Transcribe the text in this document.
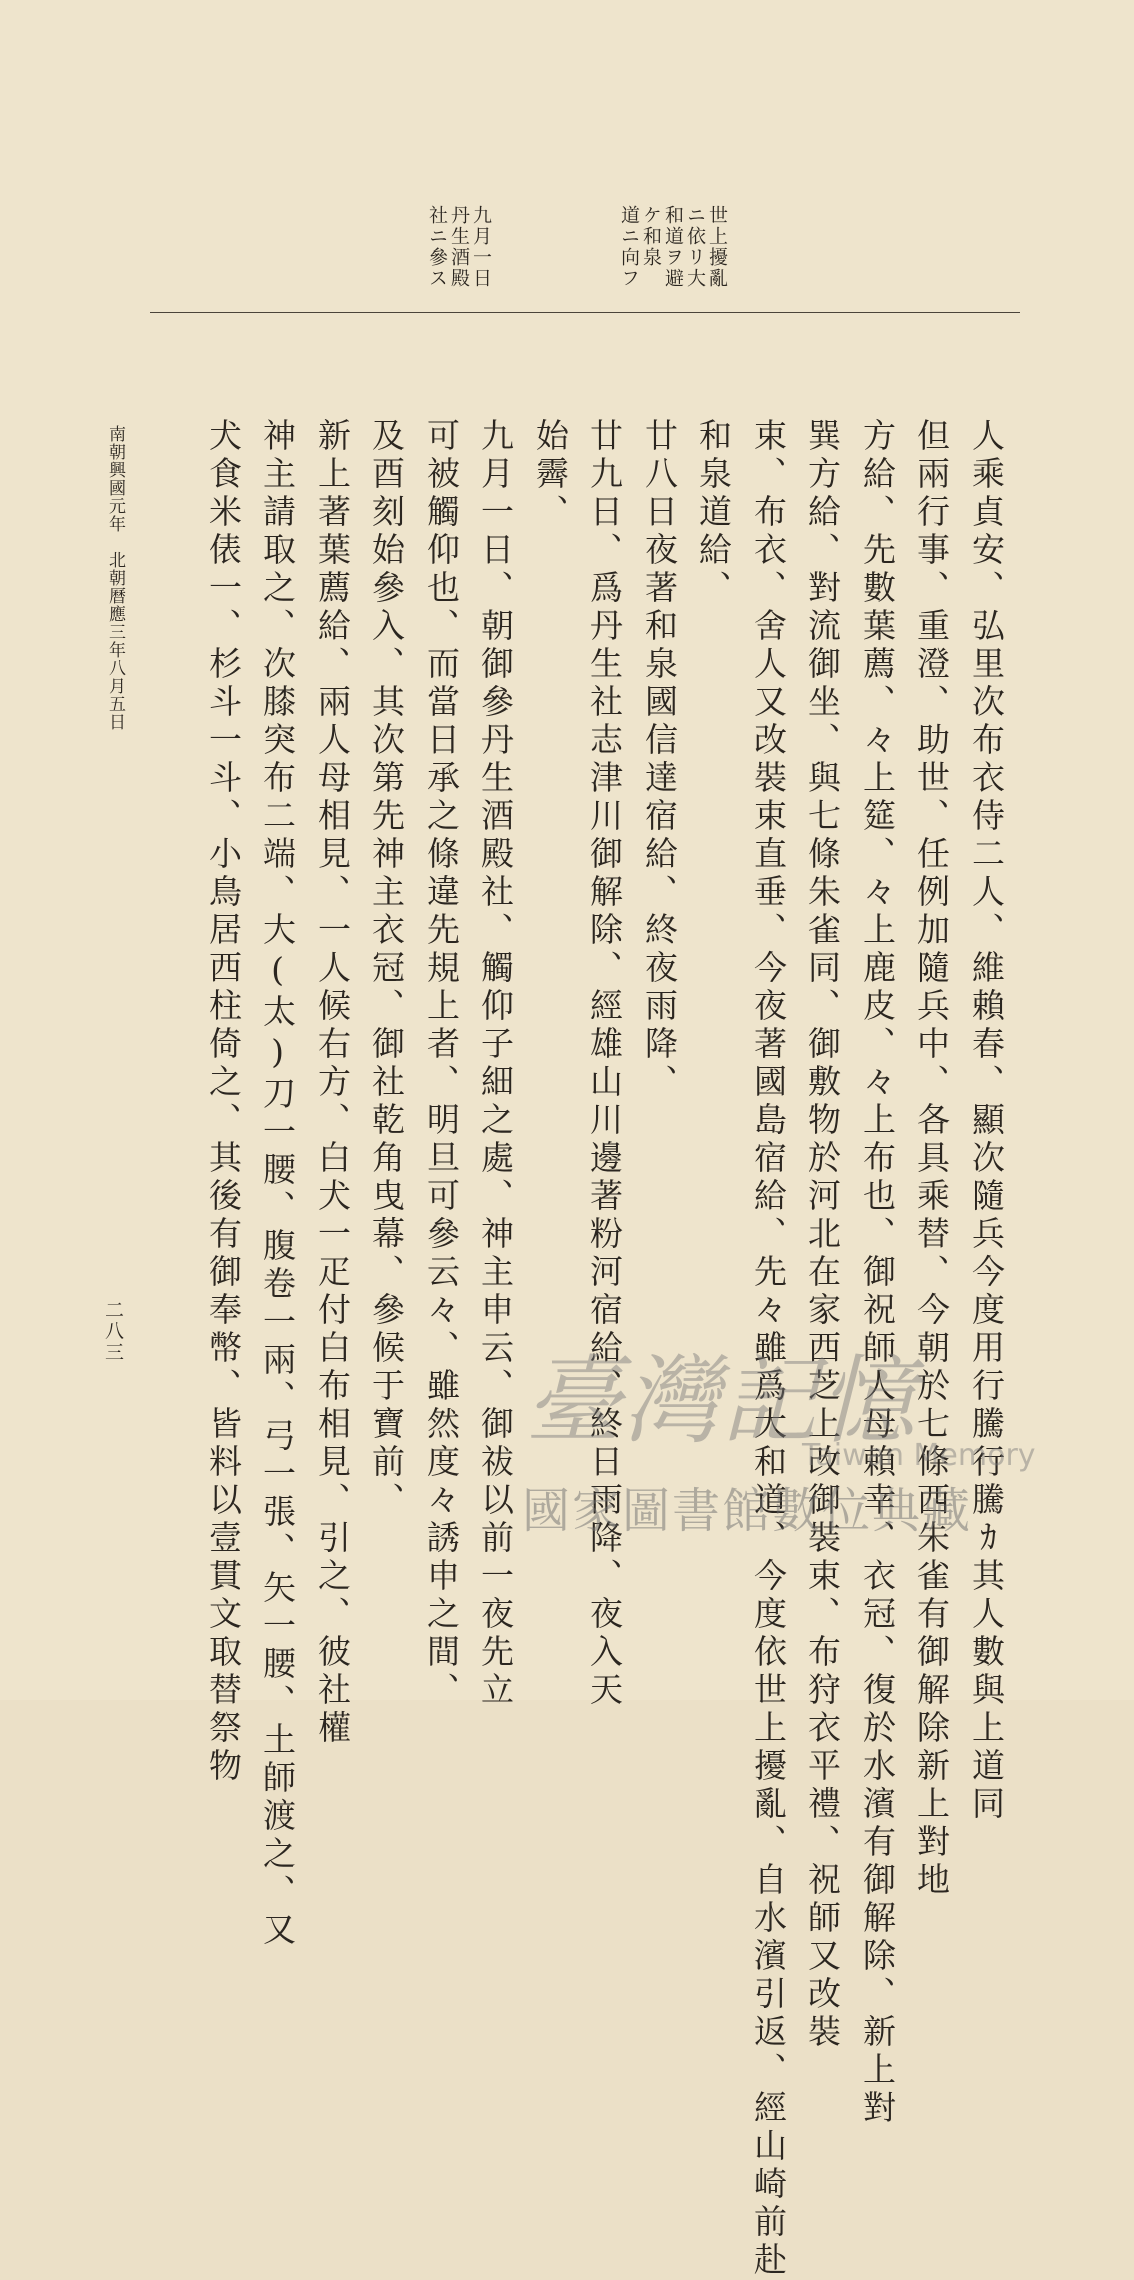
世上擾亂
ニ依リ大
和道ヲ避
ケ和泉
道ニ向フ
九月一日
丹生酒殿
社ニ參ス
人乘貞安、弘里次布衣侍二人、維賴春、顯次隨兵今度用行騰行騰ｶ其人數與上道同
但兩行事、重澄、助世、任例加隨兵中、各具乘替、今朝於七條西朱雀有御解除新上對地
方給、先數葉薦、々上筵、々上鹿皮、々上布也、御祝師人母賴幸、衣冠、復於水濱有御解除、新上對
巽方給、對流御坐、與七條朱雀同、御敷物於河北在家西芝上改御裝束、布狩衣平禮、祝師又改裝
束、布衣、舍人又改裝束直垂、今夜著國島宿給、先々雖爲大和道、今度依世上擾亂、自水濱引返、經山崎前赴
和泉道給、
廿八日夜著和泉國信達宿給、終夜雨降、
廿九日、爲丹生社志津川御解除、經雄山川邊著粉河宿給、終日雨降、夜入天
始霽、
九月一日、朝御參丹生酒殿社、觸仰子細之處、神主申云、御祓以前一夜先立
可被觸仰也、而當日承之條違先規上者、明旦可參云々、雖然度々誘申之間、
及酉刻始參入、其次第先神主衣冠、御社乾角曳幕、參候于寶前、
新上著葉薦給、兩人母相見、一人候右方、白犬一疋付白布相見、引之、彼社權
神主請取之、次膝突布二端、大(太)刀一腰、腹卷一兩、弓一張、矢一腰、土師渡之、又
犬食米俵一、杉斗一斗、小鳥居西柱倚之、其後有御奉幣、皆料以壹貫文取替祭物
南朝興國元年　北朝曆應三年八月五日
二八三
臺灣記憶
Taiwan Memory
國家圖書館數位典藏
